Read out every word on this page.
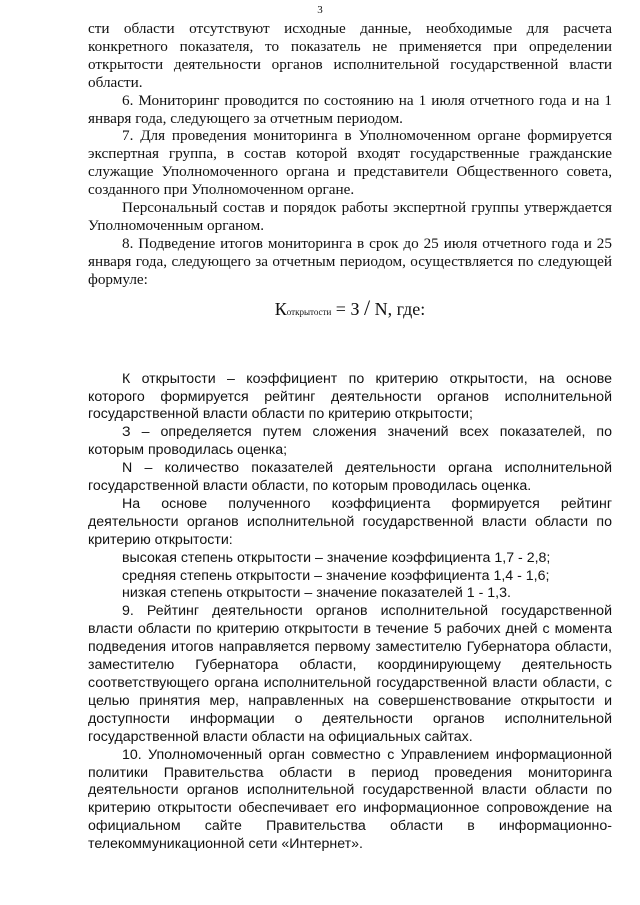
3

сти области отсутствуют исходные данные, необходимые для расчета конкретного показателя, то показатель не применяется при определении открытости деятельности органов исполнительной государственной власти области.

6. Мониторинг проводится по состоянию на 1 июля отчетного года и на 1 января года, следующего за отчетным периодом.

7. Для проведения мониторинга в Уполномоченном органе формируется экспертная группа, в состав которой входят государственные гражданские служащие Уполномоченного органа и представители Общественного совета, созданного при Уполномоченном органе.

Персональный состав и порядок работы экспертной группы утверждается Уполномоченным органом.

8. Подведение итогов мониторинга в срок до 25 июля отчетного года и 25 января года, следующего за отчетным периодом, осуществляется по следующей формуле:

Коткрытости = З / N, где:

К открытости – коэффициент по критерию открытости, на основе которого формируется рейтинг деятельности органов исполнительной государственной власти области по критерию открытости;

З – определяется путем сложения значений всех показателей, по которым проводилась оценка;

N – количество показателей деятельности органа исполнительной государственной власти области, по которым проводилась оценка.

На основе полученного коэффициента формируется рейтинг деятельности органов исполнительной государственной власти области по критерию открытости:

высокая степень открытости – значение коэффициента 1,7 - 2,8;

средняя степень открытости – значение коэффициента 1,4 - 1,6;

низкая степень открытости – значение показателей 1 - 1,3.

9. Рейтинг деятельности органов исполнительной государственной власти области по критерию открытости в течение 5 рабочих дней с момента подведения итогов направляется первому заместителю Губернатора области, заместителю Губернатора области, координирующему деятельность соответствующего органа исполнительной государственной власти области, с целью принятия мер, направленных на совершенствование открытости и доступности информации о деятельности органов исполнительной государственной власти области на официальных сайтах.

10. Уполномоченный орган совместно с Управлением информационной политики Правительства области в период проведения мониторинга деятельности органов исполнительной государственной власти области по критерию открытости обеспечивает его информационное сопровождение на официальном сайте Правительства области в информационно-телекоммуникационной сети «Интернет».
